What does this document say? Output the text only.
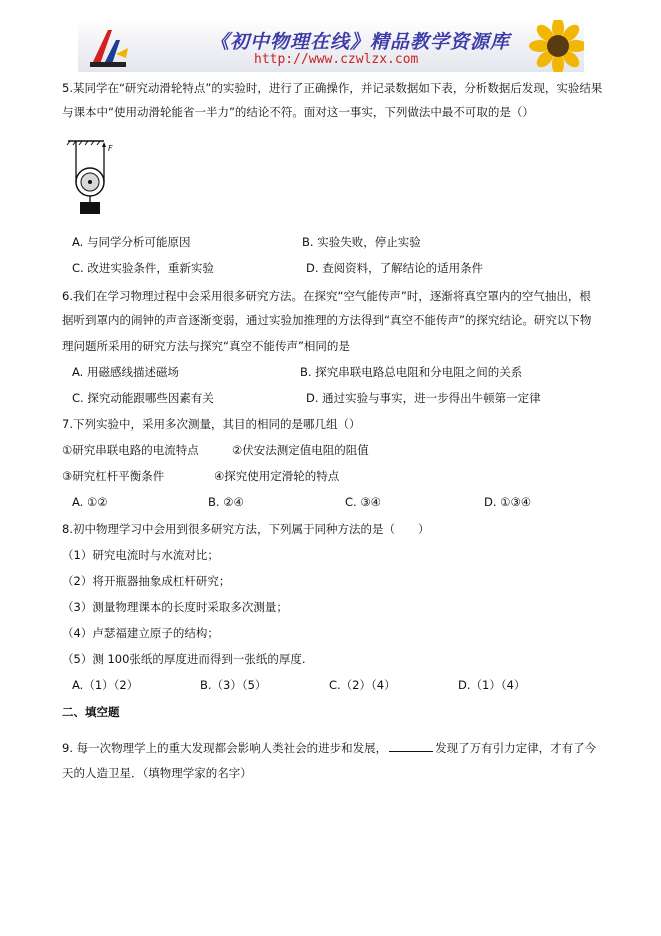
《初中物理在线》精品教学资源库
http://www.czwlzx.com
5.某同学在“研究动滑轮特点”的实验时，进行了正确操作，并记录数据如下表，分析数据后发现，实验结果
与课本中“使用动滑轮能省一半力”的结论不符。面对这一事实，下列做法中最不可取的是（）
F
A. 与同学分析可能原因	B. 实验失败，停止实验
C. 改进实验条件，重新实验	D. 查阅资料，了解结论的适用条件
6.我们在学习物理过程中会采用很多研究方法。在探究“空气能传声”时，逐渐将真空罩内的空气抽出，根
据听到罩内的闹钟的声音逐渐变弱，通过实验加推理的方法得到“真空不能传声”的探究结论。研究以下物
理问题所采用的研究方法与探究“真空不能传声”相同的是
A. 用磁感线描述磁场	B. 探究串联电路总电阻和分电阻之间的关系
C. 探究动能跟哪些因素有关	D. 通过实验与事实，进一步得出牛顿第一定律
7.下列实验中，采用多次测量，其目的相同的是哪几组（）
①研究串联电路的电流特点	②伏安法测定值电阻的阻值
③研究杠杆平衡条件	④探究使用定滑轮的特点
A. ①②	B. ②④	C. ③④	D. ①③④
8.初中物理学习中会用到很多研究方法，下列属于同种方法的是（　　）
（1）研究电流时与水流对比；
（2）将开瓶器抽象成杠杆研究；
（3）测量物理课本的长度时采取多次测量；
（4）卢瑟福建立原子的结构；
（5）测 100张纸的厚度进而得到一张纸的厚度.
A.（1）（2）	B.（3）（5）	C.（2）（4）	D.（1）（4）
二、填空题
9. 每一次物理学上的重大发现都会影响人类社会的进步和发展，	发现了万有引力定律，才有了今
天的人造卫星．（填物理学家的名字）
